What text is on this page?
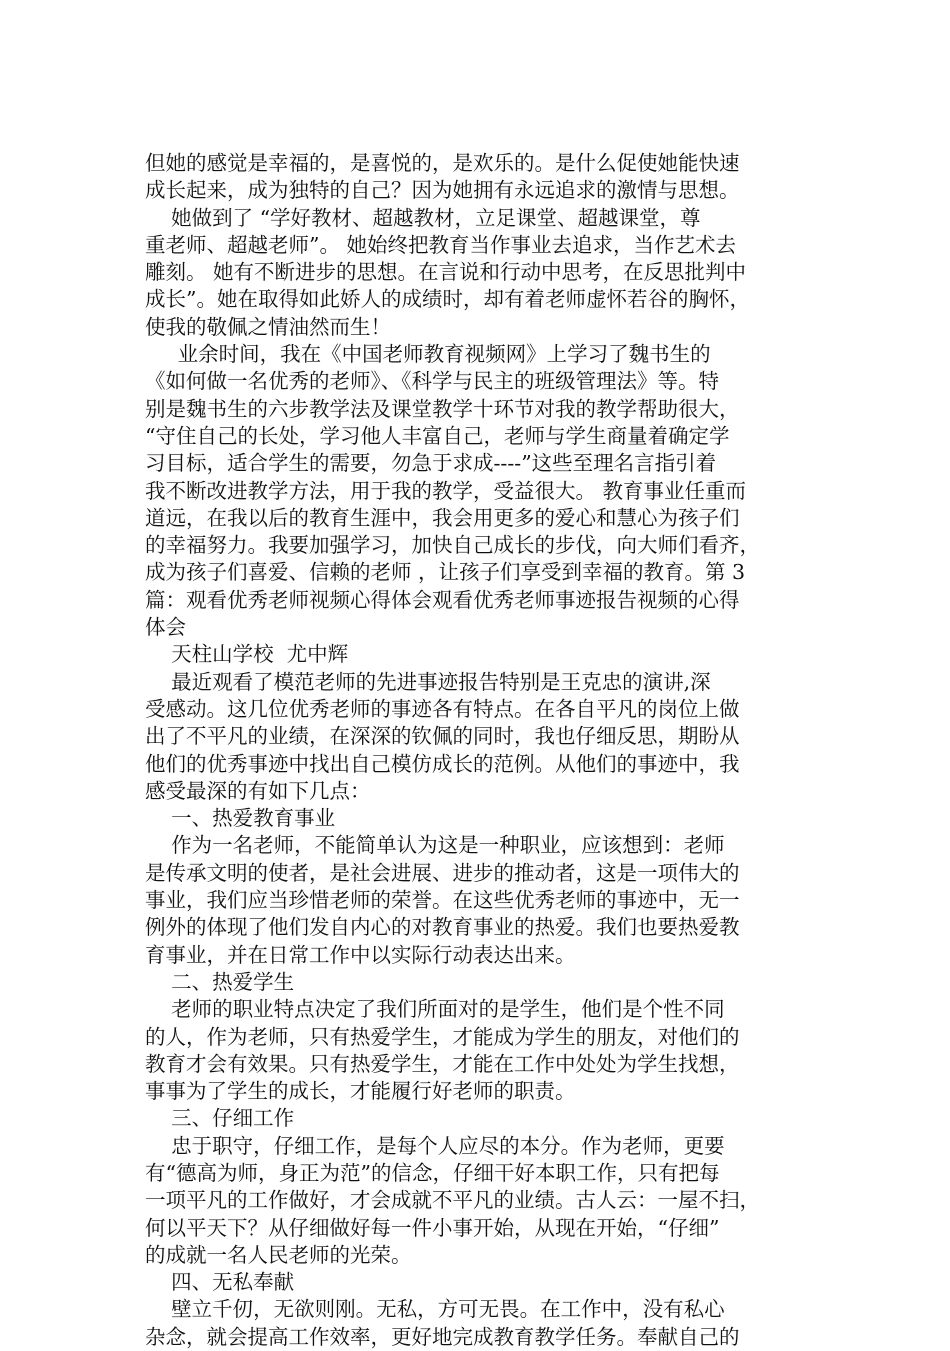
但她的感觉是幸福的，是喜悦的，是欢乐的。是什么促使她能快速
成长起来，成为独特的自己？因为她拥有永远追求的激情与思想。
她做到了 “学好教材、超越教材，立足课堂、超越课堂，尊
重老师、超越老师”。 她始终把教育当作事业去追求，当作艺术去
雕刻。 她有不断进步的思想。在言说和行动中思考，在反思批判中
成长”。她在取得如此娇人的成绩时，却有着老师虚怀若谷的胸怀，
使我的敬佩之情油然而生！
业余时间，我在《中国老师教育视频网》上学习了魏书生的
《如何做一名优秀的老师》、《科学与民主的班级管理法》等。特
别是魏书生的六步教学法及课堂教学十环节对我的教学帮助很大，
“守住自己的长处，学习他人丰富自己，老师与学生商量着确定学
习目标，适合学生的需要，勿急于求成----”这些至理名言指引着
我不断改进教学方法，用于我的教学，受益很大。 教育事业任重而
道远，在我以后的教育生涯中，我会用更多的爱心和慧心为孩子们
的幸福努力。我要加强学习，加快自己成长的步伐，向大师们看齐，
成为孩子们喜爱、信赖的老师 ，让孩子们享受到幸福的教育。第 3
篇：观看优秀老师视频心得体会观看优秀老师事迹报告视频的心得
体会
天柱山学校  尤中辉
最近观看了模范老师的先进事迹报告特别是王克忠的演讲,深
受感动。这几位优秀老师的事迹各有特点。在各自平凡的岗位上做
出了不平凡的业绩，在深深的钦佩的同时，我也仔细反思，期盼从
他们的优秀事迹中找出自己模仿成长的范例。从他们的事迹中，我
感受最深的有如下几点：
一、热爱教育事业
作为一名老师，不能简单认为这是一种职业，应该想到：老师
是传承文明的使者，是社会进展、进步的推动者，这是一项伟大的
事业，我们应当珍惜老师的荣誉。在这些优秀老师的事迹中，无一
例外的体现了他们发自内心的对教育事业的热爱。我们也要热爱教
育事业，并在日常工作中以实际行动表达出来。
二、热爱学生
老师的职业特点决定了我们所面对的是学生，他们是个性不同
的人，作为老师，只有热爱学生，才能成为学生的朋友，对他们的
教育才会有效果。只有热爱学生，才能在工作中处处为学生找想，
事事为了学生的成长，才能履行好老师的职责。
三、仔细工作
忠于职守，仔细工作，是每个人应尽的本分。作为老师，更要
有“德高为师，身正为范”的信念，仔细干好本职工作，只有把每
一项平凡的工作做好，才会成就不平凡的业绩。古人云：一屋不扫，
何以平天下？从仔细做好每一件小事开始，从现在开始，“仔细”
的成就一名人民老师的光荣。
四、无私奉献
壁立千仞，无欲则刚。无私，方可无畏。在工作中，没有私心
杂念，就会提高工作效率，更好地完成教育教学任务。奉献自己的
